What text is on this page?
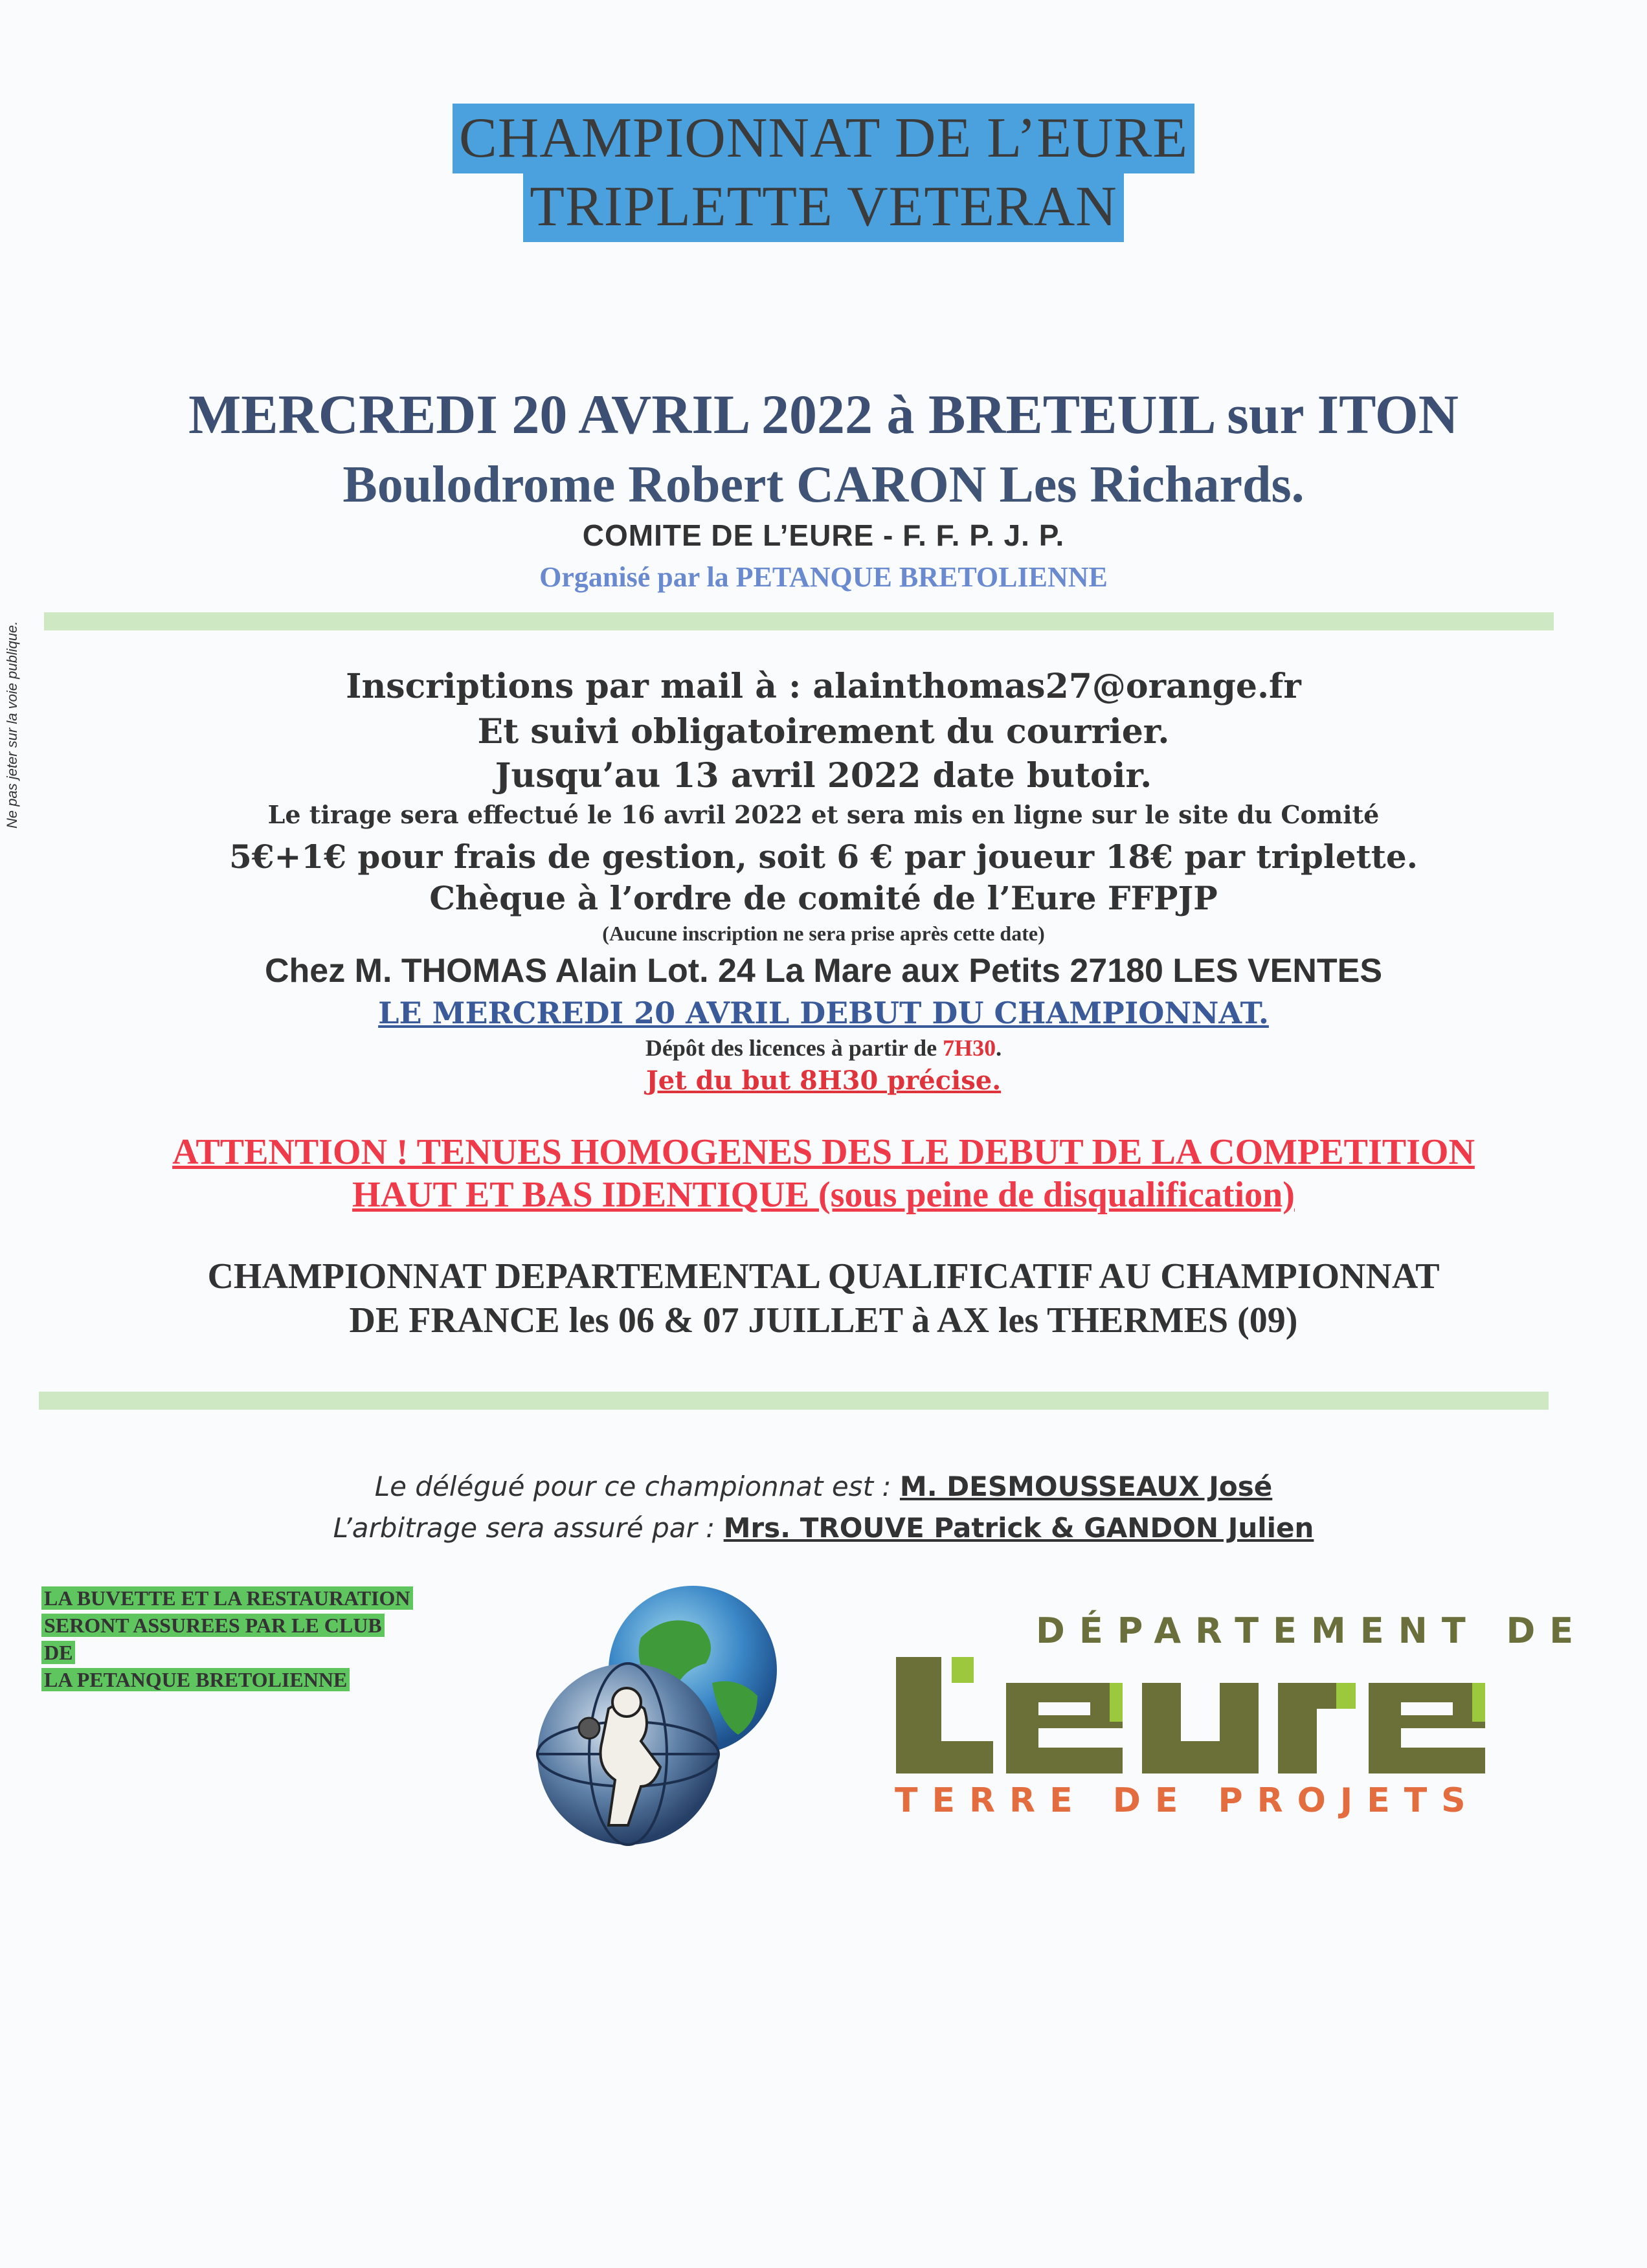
Ne pas jeter sur la voie publique.
CHAMPIONNAT DE L’EURE
TRIPLETTE VETERAN
MERCREDI 20 AVRIL 2022 à BRETEUIL sur ITON
Boulodrome Robert CARON Les Richards.
COMITE DE L’EURE - F. F. P. J. P.
Organisé par la PETANQUE BRETOLIENNE
Inscriptions par mail à : alainthomas27@orange.fr
Et suivi obligatoirement du courrier.
Jusqu’au 13 avril 2022 date butoir.
Le tirage sera effectué le 16 avril 2022 et sera mis en ligne sur le site du Comité
5€+1€ pour frais de gestion, soit 6 € par joueur 18€ par triplette.
Chèque à l’ordre de comité de l’Eure FFPJP
(Aucune inscription ne sera prise après cette date)
Chez M. THOMAS Alain Lot. 24 La Mare aux Petits 27180 LES VENTES
LE MERCREDI 20 AVRIL DEBUT DU CHAMPIONNAT.
Dépôt des licences à partir de 7H30.
Jet du but 8H30 précise.
ATTENTION ! TENUES HOMOGENES DES LE DEBUT DE LA COMPETITION
HAUT ET BAS IDENTIQUE (sous peine de disqualification)
CHAMPIONNAT DEPARTEMENTAL QUALIFICATIF AU CHAMPIONNAT
DE FRANCE les 06 & 07 JUILLET à AX les THERMES (09)
Le délégué pour ce championnat est : M. DESMOUSSEAUX José
L’arbitrage sera assuré par : Mrs. TROUVE Patrick & GANDON Julien
LA BUVETTE ET LA RESTAURATION
SERONT ASSUREES PAR LE CLUB
DE
LA PETANQUE BRETOLIENNE
DÉPARTEMENT DE
TERRE DE PROJETS
